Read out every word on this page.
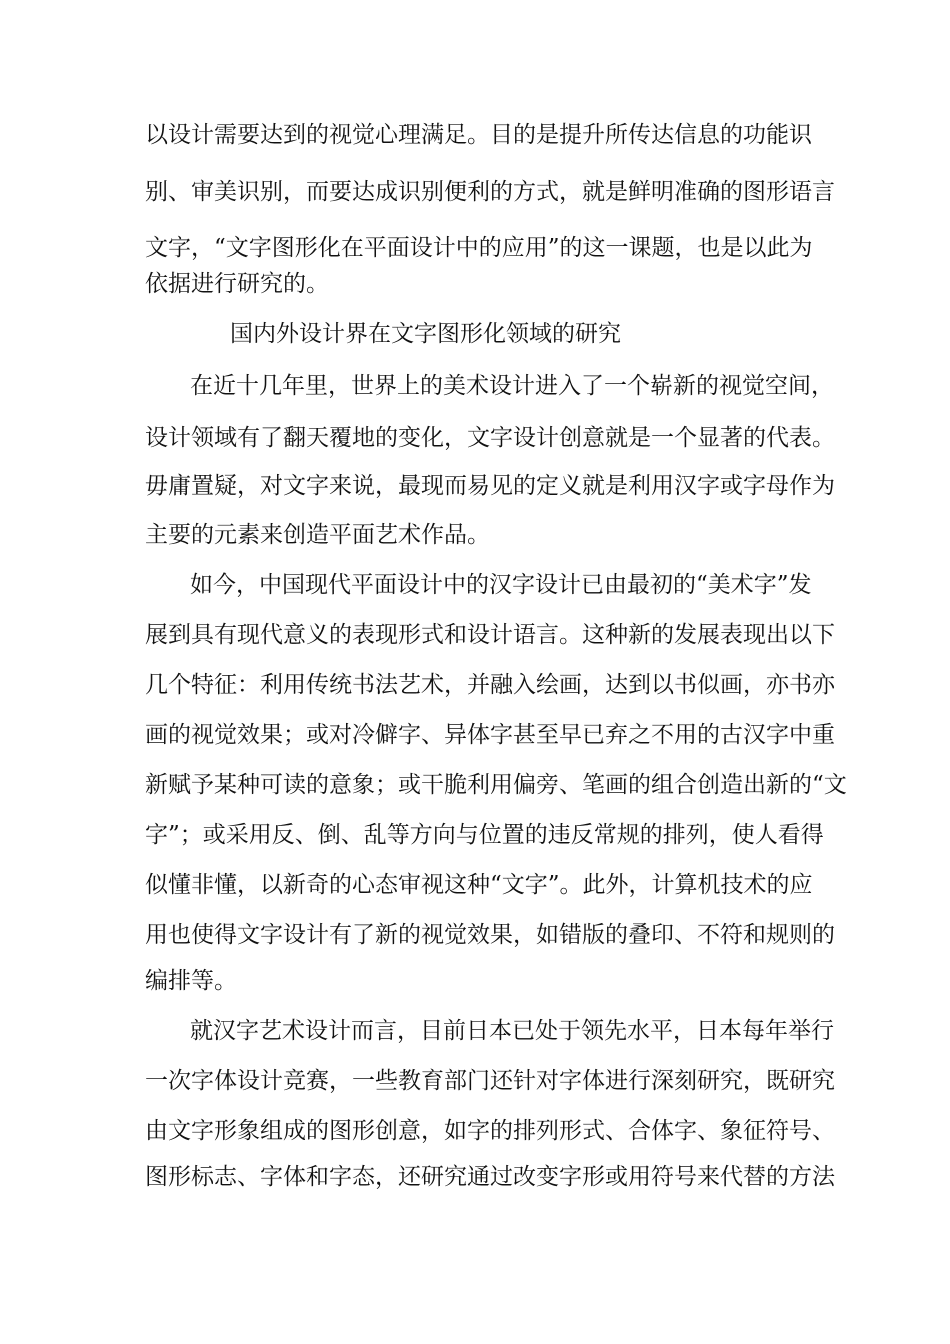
以设计需要达到的视觉心理满足。目的是提升所传达信息的功能识
别、审美识别，而要达成识别便利的方式，就是鲜明准确的图形语言
文字，“文字图形化在平面设计中的应用”的这一课题，也是以此为
依据进行研究的。
国内外设计界在文字图形化领域的研究
在近十几年里，世界上的美术设计进入了一个崭新的视觉空间，
设计领域有了翻天覆地的变化，文字设计创意就是一个显著的代表。
毋庸置疑，对文字来说，最现而易见的定义就是利用汉字或字母作为
主要的元素来创造平面艺术作品。
如今，中国现代平面设计中的汉字设计已由最初的“美术字”发
展到具有现代意义的表现形式和设计语言。这种新的发展表现出以下
几个特征：利用传统书法艺术，并融入绘画，达到以书似画，亦书亦
画的视觉效果；或对冷僻字、异体字甚至早已弃之不用的古汉字中重
新赋予某种可读的意象；或干脆利用偏旁、笔画的组合创造出新的“文
字”；或采用反、倒、乱等方向与位置的违反常规的排列，使人看得
似懂非懂，以新奇的心态审视这种“文字”。此外，计算机技术的应
用也使得文字设计有了新的视觉效果，如错版的叠印、不符和规则的
编排等。
就汉字艺术设计而言，目前日本已处于领先水平，日本每年举行
一次字体设计竞赛，一些教育部门还针对字体进行深刻研究，既研究
由文字形象组成的图形创意，如字的排列形式、合体字、象征符号、
图形标志、字体和字态，还研究通过改变字形或用符号来代替的方法
